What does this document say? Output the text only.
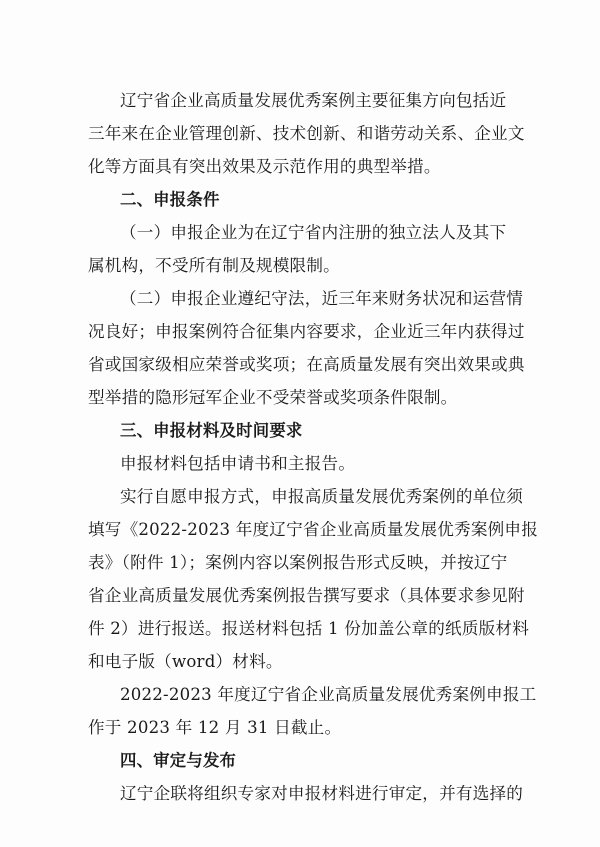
辽宁省企业高质量发展优秀案例主要征集方向包括近
三年来在企业管理创新、技术创新、和谐劳动关系、企业文
化等方面具有突出效果及示范作用的典型举措。
二、申报条件
（一）申报企业为在辽宁省内注册的独立法人及其下
属机构，不受所有制及规模限制。
（二）申报企业遵纪守法，近三年来财务状况和运营情
况良好；申报案例符合征集内容要求，企业近三年内获得过
省或国家级相应荣誉或奖项；在高质量发展有突出效果或典
型举措的隐形冠军企业不受荣誉或奖项条件限制。
三、申报材料及时间要求
申报材料包括申请书和主报告。
实行自愿申报方式，申报高质量发展优秀案例的单位须
填写《2022-2023 年度辽宁省企业高质量发展优秀案例申报
表》（附件 1）；案例内容以案例报告形式反映，并按辽宁
省企业高质量发展优秀案例报告撰写要求（具体要求参见附
件 2）进行报送。报送材料包括 1 份加盖公章的纸质版材料
和电子版（word）材料。
2022-2023 年度辽宁省企业高质量发展优秀案例申报工
作于 2023 年 12 月 31 日截止。
四、审定与发布
辽宁企联将组织专家对申报材料进行审定，并有选择的
